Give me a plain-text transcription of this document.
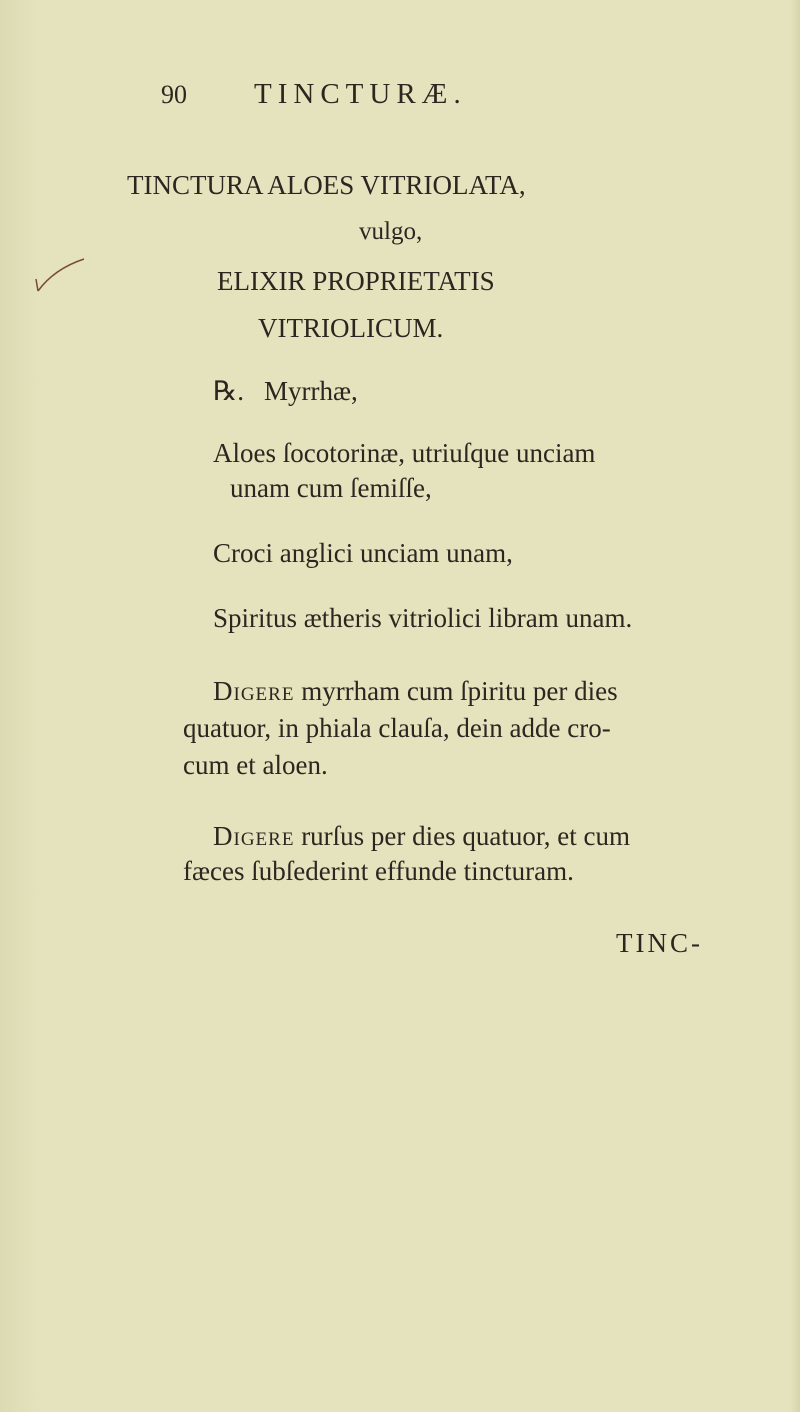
90 TINCTURÆ.
TINCTURA ALOES VITRIOLATA,
vulgo,
ELIXIR PROPRIETATIS
VITRIOLICUM.
℞. Myrrhæ,
Aloes ſocotorinæ, utriuſque unciam
unam cum ſemiſſe,
Croci anglici unciam unam,
Spiritus ætheris vitriolici libram unam.
Digere myrrham cum ſpiritu per dies
quatuor, in phiala clauſa, dein adde cro-
cum et aloen.
Digere rurſus per dies quatuor, et cum
fæces ſubſederint effunde tincturam.
TINC-
